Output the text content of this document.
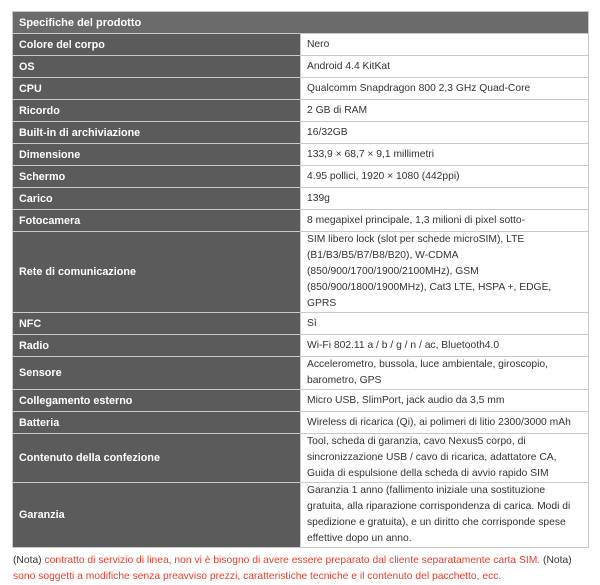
Specifiche del prodotto	
Colore del corpo	Nero
OS	Android 4.4 KitKat
CPU	Qualcomm Snapdragon 800 2,3 GHz Quad-Core
Ricordo	2 GB di RAM
Built-in di archiviazione	16/32GB
Dimensione	133,9 × 68,7 × 9,1 millimetri
Schermo	4.95 pollici, 1920 × 1080 (442ppi)
Carico	139g
Fotocamera	8 megapixel principale, 1,3 milioni di pixel sotto-
Rete di comunicazione	SIM libero lock (slot per schede microSIM), LTE (B1/B3/B5/B7/B8/B20), W-CDMA (850/900/1700/1900/2100MHz), GSM (850/900/1800/1900MHz), Cat3 LTE, HSPA +, EDGE, GPRS
NFC	Sì
Radio	Wi-Fi 802.11 a / b / g / n / ac, Bluetooth4.0
Sensore	Accelerometro, bussola, luce ambientale, giroscopio, barometro, GPS
Collegamento esterno	Micro USB, SlimPort, jack audio da 3,5 mm
Batteria	Wireless di ricarica (Qi), ai polimeri di litio 2300/3000 mAh
Contenuto della confezione	Tool, scheda di garanzia, cavo Nexus5 corpo, di sincronizzazione USB / cavo di ricarica, adattatore CA, Guida di espulsione della scheda di avvio rapido SIM
Garanzia	Garanzia 1 anno (fallimento iniziale una sostituzione gratuita, alla riparazione corrispondenza di carica. Modi di spedizione e gratuita), e un diritto che corrisponde spese effettive dopo un anno.
(Nota) contratto di servizio di linea, non vi è bisogno di avere essere preparato dal cliente separatamente carta SIM. (Nota) sono soggetti a modifiche senza preavviso prezzi, caratteristiche tecniche e il contenuto del pacchetto, ecc.
